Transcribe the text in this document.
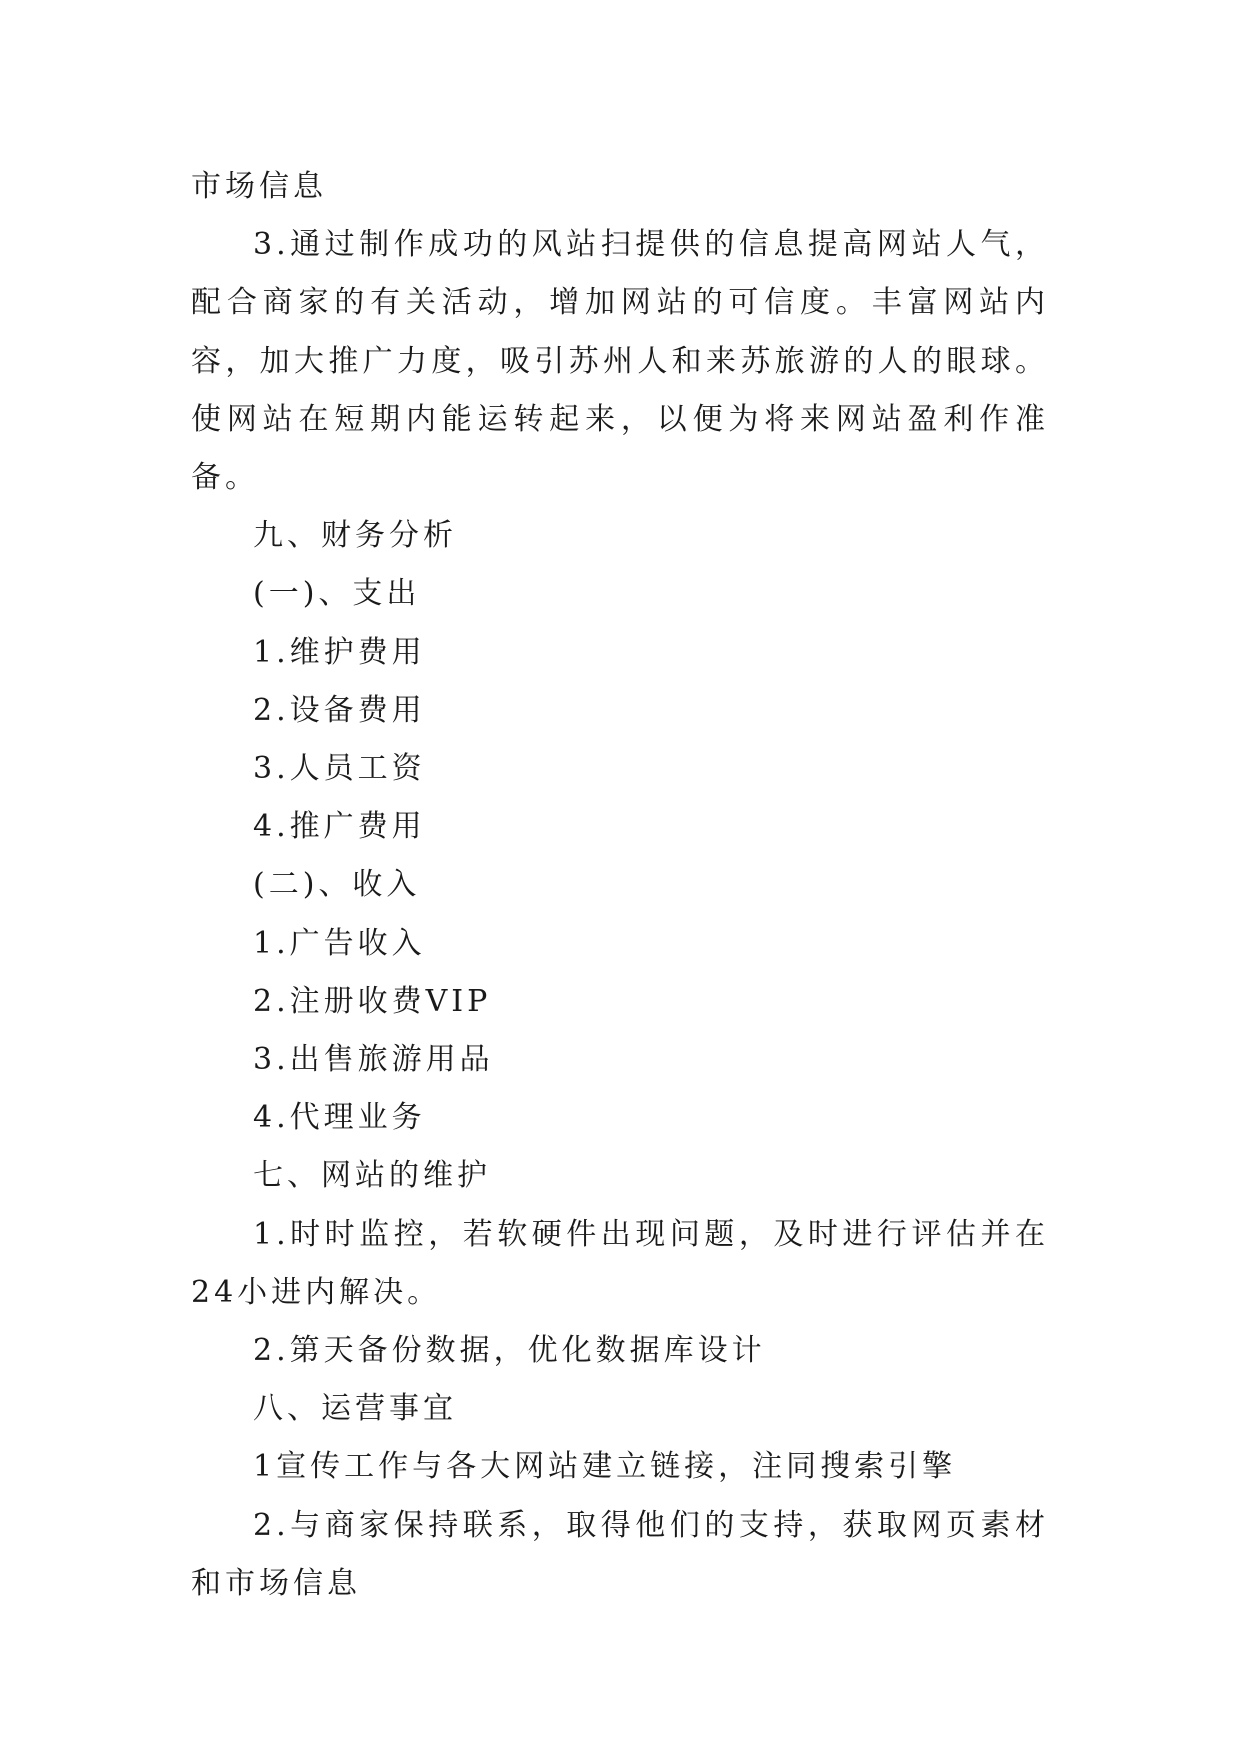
市场信息

3.通过制作成功的风站扫提供的信息提高网站人气，配合商家的有关活动，增加网站的可信度。丰富网站内容，加大推广力度，吸引苏州人和来苏旅游的人的眼球。使网站在短期内能运转起来，以便为将来网站盈利作准备。

九、财务分析

(一)、支出

1.维护费用

2.设备费用

3.人员工资

4.推广费用

(二)、收入

1.广告收入

2.注册收费VIP

3.出售旅游用品

4.代理业务

七、网站的维护

1.时时监控，若软硬件出现问题，及时进行评估并在24小进内解决。

2.第天备份数据，优化数据库设计

八、运营事宜

1宣传工作与各大网站建立链接，注同搜索引擎

2.与商家保持联系，取得他们的支持，获取网页素材和市场信息
